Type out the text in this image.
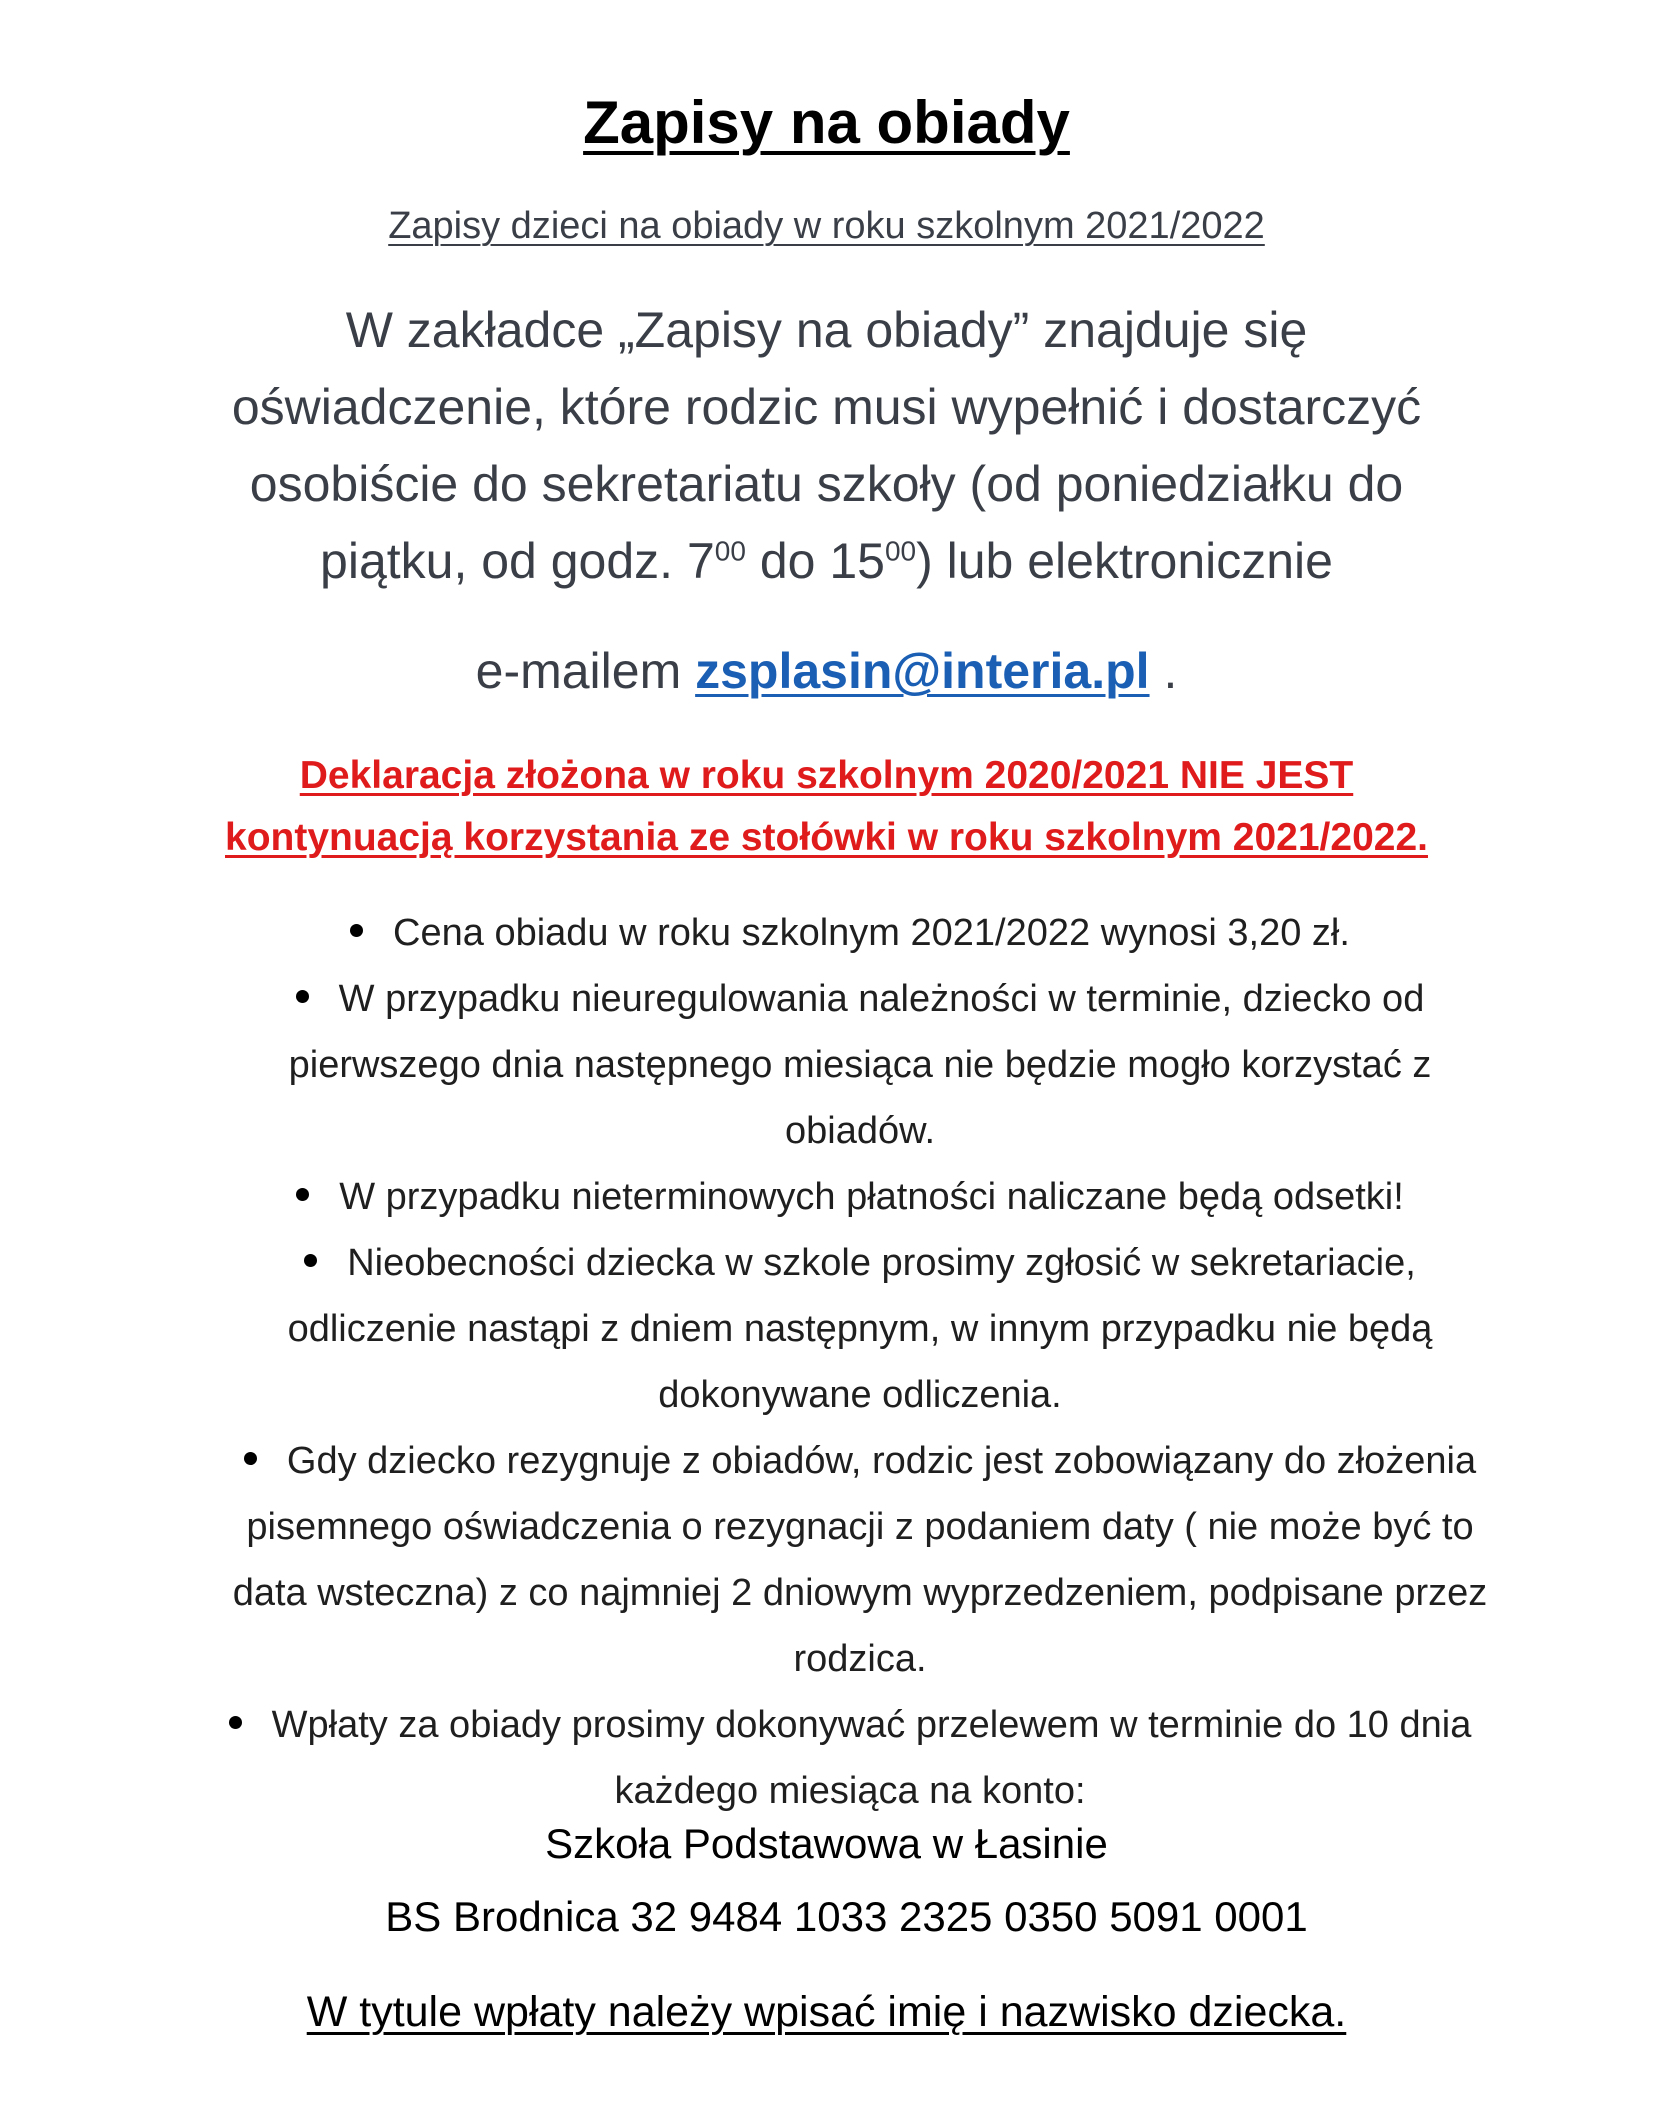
Zapisy na obiady
Zapisy dzieci na obiady w roku szkolnym 2021/2022
W zakładce „Zapisy na obiady” znajduje się
oświadczenie, które rodzic musi wypełnić i dostarczyć
osobiście do sekretariatu szkoły (od poniedziałku do
piątku, od godz. $7^{00}$ do $15^{00}$) lub elektronicznie
e-mailem zsplasin@interia.pl .
Deklaracja złożona w roku szkolnym 2020/2021 NIE JEST
kontynuacją korzystania ze stołówki w roku szkolnym 2021/2022.
Cena obiadu w roku szkolnym 2021/2022 wynosi 3,20 zł.
W przypadku nieuregulowania należności w terminie, dziecko od pierwszego dnia następnego miesiąca nie będzie mogło korzystać z obiadów.
W przypadku nieterminowych płatności naliczane będą odsetki!
Nieobecności dziecka w szkole prosimy zgłosić w sekretariacie, odliczenie nastąpi z dniem następnym, w innym przypadku nie będą dokonywane odliczenia.
Gdy dziecko rezygnuje z obiadów, rodzic jest zobowiązany do złożenia pisemnego oświadczenia o rezygnacji z podaniem daty ( nie może być to data wsteczna) z co najmniej 2 dniowym wyprzedzeniem, podpisane przez rodzica.
Wpłaty za obiady prosimy dokonywać przelewem w terminie do 10 dnia każdego miesiąca na konto:
Szkoła Podstawowa w Łasinie
BS Brodnica 32 9484 1033 2325 0350 5091 0001
W tytule wpłaty należy wpisać imię i nazwisko dziecka.
